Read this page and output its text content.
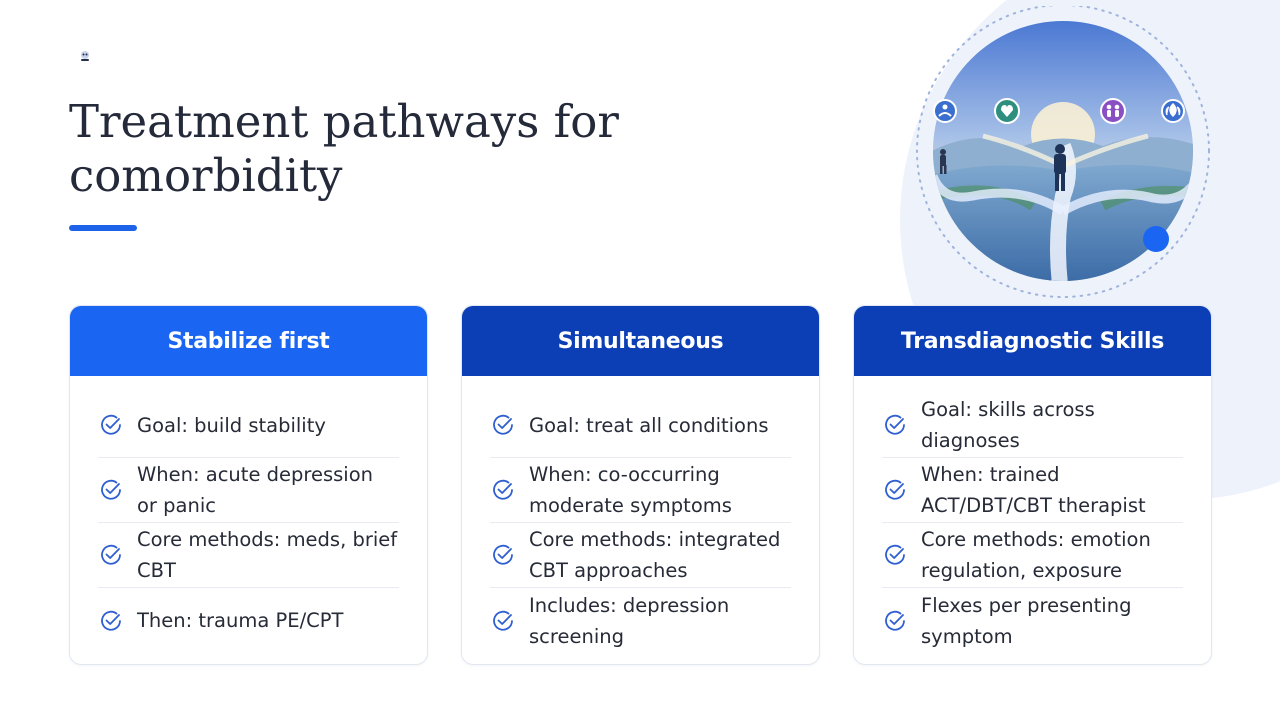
Treatment pathways for comorbidity
Stabilize first
Goal: build stability
When: acute depression or panic
Core methods: meds, brief CBT
Then: trauma PE/CPT
Simultaneous
Goal: treat all conditions
When: co-occurring moderate symptoms
Core methods: integrated CBT approaches
Includes: depression screening
Transdiagnostic Skills
Goal: skills across diagnoses
When: trained ACT/DBT/CBT therapist
Core methods: emotion regulation, exposure
Flexes per presenting symptom
